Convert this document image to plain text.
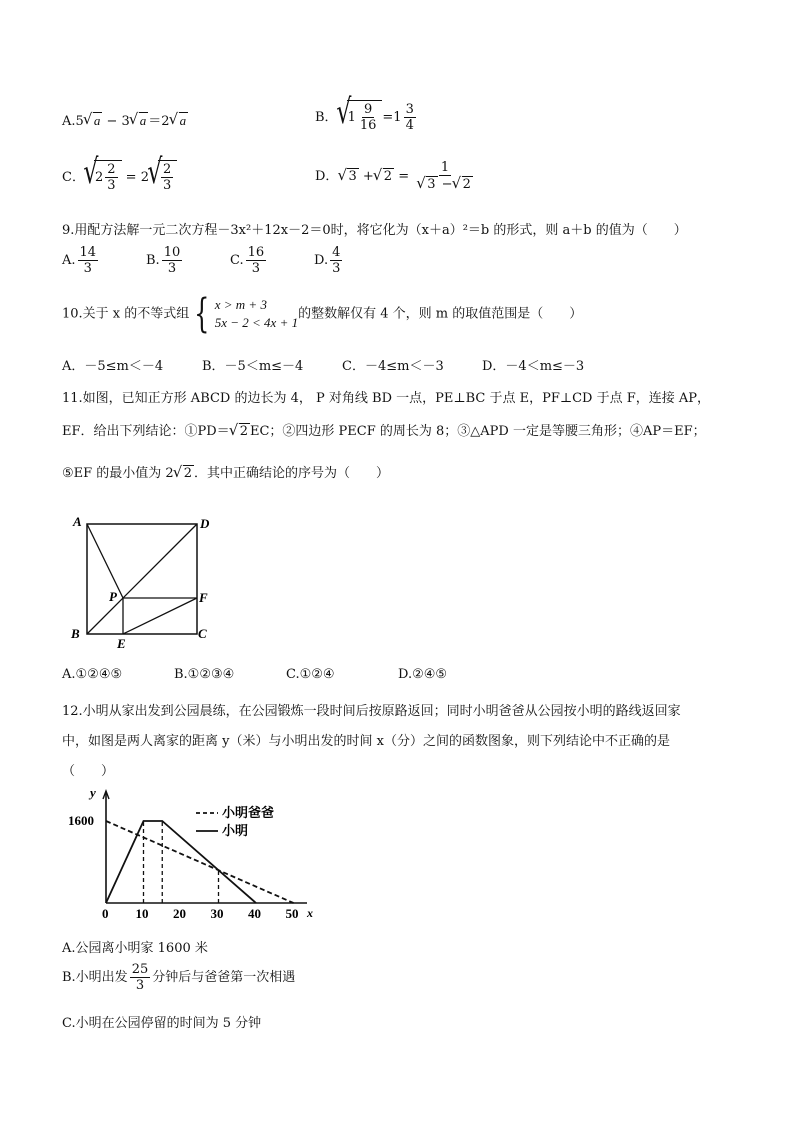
A.5 √ a − 3 √ a ＝2 √ a	B． √ $1 \frac{9}{16} =1 \frac{3}{4}$
C． √ $2 \frac{2}{3} = 2$ √ $\frac{2}{3}$	D． √ 3 + √ 2 = 1
√ 3 − √ 2
9.用配方法解一元二次方程－3x²＋12x－2＝0时，将它化为（x＋a）²＝b 的形式，则 a＋b 的值为（　　）
A. $\frac{14}{3}$	B. $\frac{10}{3}$	C. $\frac{16}{3}$	D. $\frac{4}{3}$
10.关于 x 的不等式组 { x > m + 3
5x − 2 < 4x + 1
的整数解仅有 4 个，则 m 的取值范围是（　　）
A．－5≤m＜－4	B．－5＜m≤－4	C．－4≤m＜－3	D．－4＜m≤－3
11.如图，已知正方形 ABCD 的边长为 4， P 对角线 BD 一点，PE⊥BC 于点 E，PF⊥CD 于点 F，连接 AP，
EF．给出下列结论：①PD＝ √ 2 EC；②四边形 PECF 的周长为 8；③△APD 一定是等腰三角形；④AP＝EF；
⑤EF 的最小值为 2 √ 2 ．其中正确结论的序号为（　　）
A	D
B	C
P
E
F
A.①②④⑤	B.①②③④	C.①②④	D.②④⑤
12.小明从家出发到公园晨练，在公园锻炼一段时间后按原路返回；同时小明爸爸从公园按小明的路线返回家
中，如图是两人离家的距离 y（米）与小明出发的时间 x（分）之间的函数图象，则下列结论中不正确的是
（　　）
y
x
1600
0 10 20 30 40 50
小明爸爸
小明
A.公园离小明家 1600 米
B.小明出发 $\frac{25}{3}$ 分钟后与爸爸第一次相遇
C.小明在公园停留的时间为 5 分钟
